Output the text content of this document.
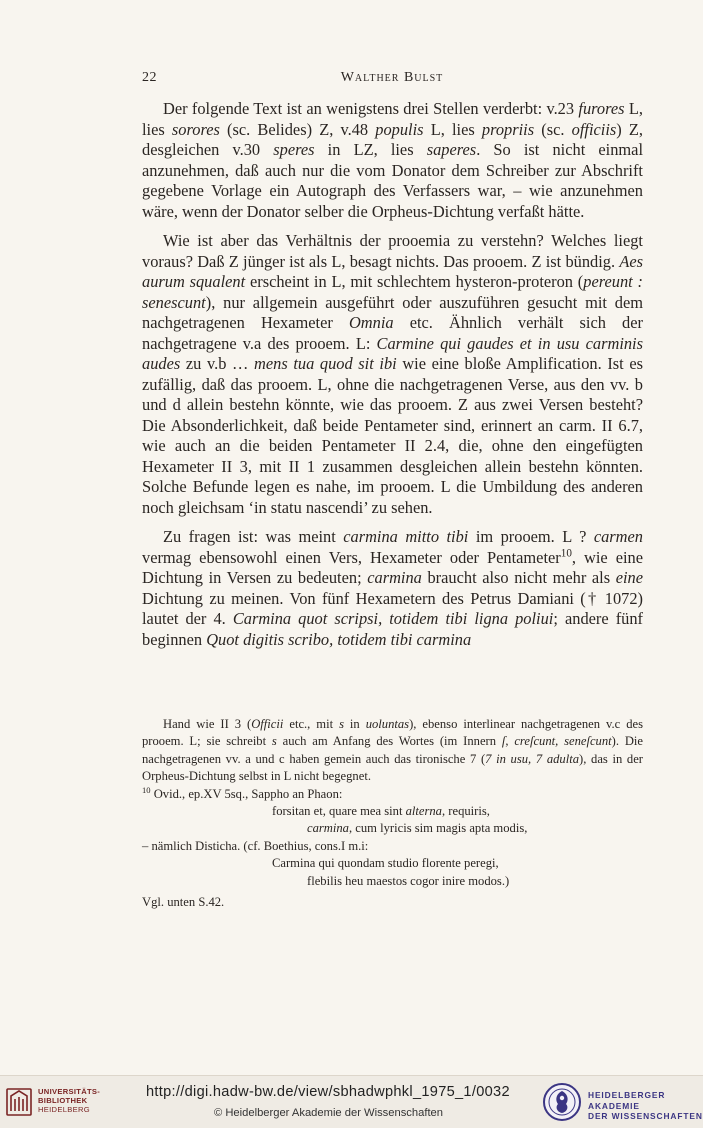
22	Walther Bulst

Der folgende Text ist an wenigstens drei Stellen verderbt: v.23 furores L, lies sorores (sc. Belides) Z, v.48 populis L, lies propriis (sc. officiis) Z, desgleichen v.30 speres in LZ, lies saperes. So ist nicht einmal anzunehmen, daß auch nur die vom Donator dem Schreiber zur Abschrift gegebene Vorlage ein Autograph des Verfassers war, – wie anzunehmen wäre, wenn der Donator selber die Orpheus-Dichtung verfaßt hätte.

Wie ist aber das Verhältnis der prooemia zu verstehn? Welches liegt voraus? Daß Z jünger ist als L, besagt nichts. Das prooem. Z ist bündig. Aes aurum squalent erscheint in L, mit schlechtem hysteron-proteron (pereunt : senescunt), nur allgemein ausgeführt oder auszuführen gesucht mit dem nachgetragenen Hexameter Omnia etc. Ähnlich verhält sich der nachgetragene v.a des prooem. L: Carmine qui gaudes et in usu carminis audes zu v.b … mens tua quod sit ibi wie eine bloße Amplification. Ist es zufällig, daß das prooem. L, ohne die nachgetragenen Verse, aus den vv. b und d allein bestehn könnte, wie das prooem. Z aus zwei Versen besteht? Die Absonderlichkeit, daß beide Pentameter sind, erinnert an carm. II 6.7, wie auch an die beiden Pentameter II 2.4, die, ohne den eingefügten Hexameter II 3, mit II 1 zusammen desgleichen allein bestehn könnten. Solche Befunde legen es nahe, im prooem. L die Umbildung des anderen noch gleichsam ‘in statu nascendi’ zu sehen.

Zu fragen ist: was meint carmina mitto tibi im prooem. L ? carmen vermag ebensowohl einen Vers, Hexameter oder Pentameter$^{10}$, wie eine Dichtung in Versen zu bedeuten; carmina braucht also nicht mehr als eine Dichtung zu meinen. Von fünf Hexametern des Petrus Damiani († 1072) lautet der 4. Carmina quot scripsi, totidem tibi ligna poliui; andere fünf beginnen Quot digitis scribo, totidem tibi carmina

Hand wie II 3 (Officii etc., mit s in uoluntas), ebenso interlinear nachgetragenen v.c des prooem. L; sie schreibt s auch am Anfang des Wortes (im Innern ſ, creſcunt, seneſcunt). Die nachgetragenen vv. a und c haben gemein auch das tironische 7 (7 in usu, 7 adulta), das in der Orpheus-Dichtung selbst in L nicht begegnet.

$^{10}$ Ovid., ep.XV 5sq., Sappho an Phaon:

forsitan et, quare mea sint alterna, requiris,

carmina, cum lyricis sim magis apta modis,

– nämlich Disticha. (cf. Boethius, cons.I m.i:

Carmina qui quondam studio florente peregi,

flebilis heu maestos cogor inire modos.)

Vgl. unten S.42.

UNIVERSITÄTS-
BIBLIOTHEK
HEIDELBERG
http://digi.hadw-bw.de/view/sbhadwphkl_1975_1/0032
© Heidelberger Akademie der Wissenschaften
HEIDELBERGER AKADEMIE
DER WISSENSCHAFTEN
